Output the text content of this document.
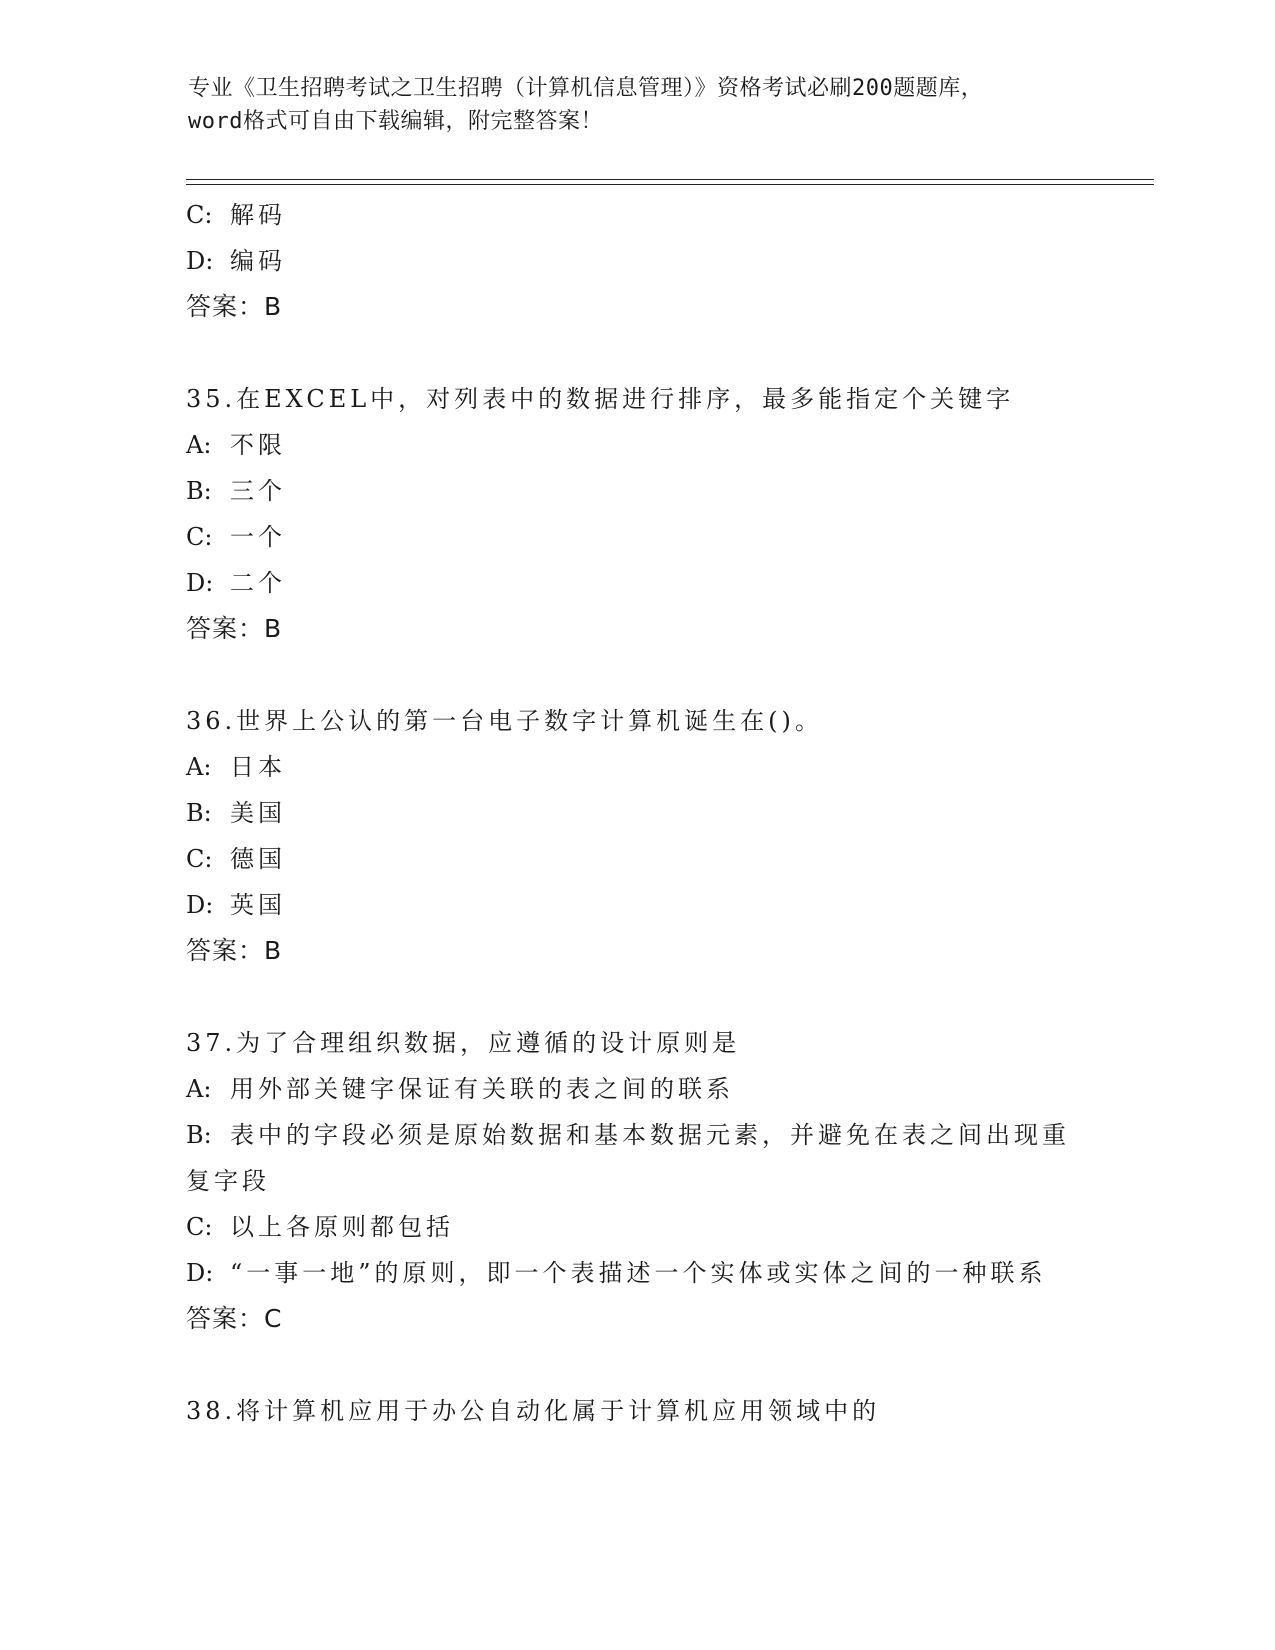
专业《卫生招聘考试之卫生招聘（计算机信息管理）》资格考试必刷200题题库，
word格式可自由下载编辑，附完整答案！
C: 解码
D: 编码
答案：B
35.在EXCEL中，对列表中的数据进行排序，最多能指定个关键字
A: 不限
B: 三个
C: 一个
D: 二个
答案：B
36.世界上公认的第一台电子数字计算机诞生在()。
A: 日本
B: 美国
C: 德国
D: 英国
答案：B
37.为了合理组织数据，应遵循的设计原则是
A: 用外部关键字保证有关联的表之间的联系
B: 表中的字段必须是原始数据和基本数据元素，并避免在表之间出现重复字段
C: 以上各原则都包括
D: “一事一地”的原则，即一个表描述一个实体或实体之间的一种联系
答案：C
38.将计算机应用于办公自动化属于计算机应用领域中的
